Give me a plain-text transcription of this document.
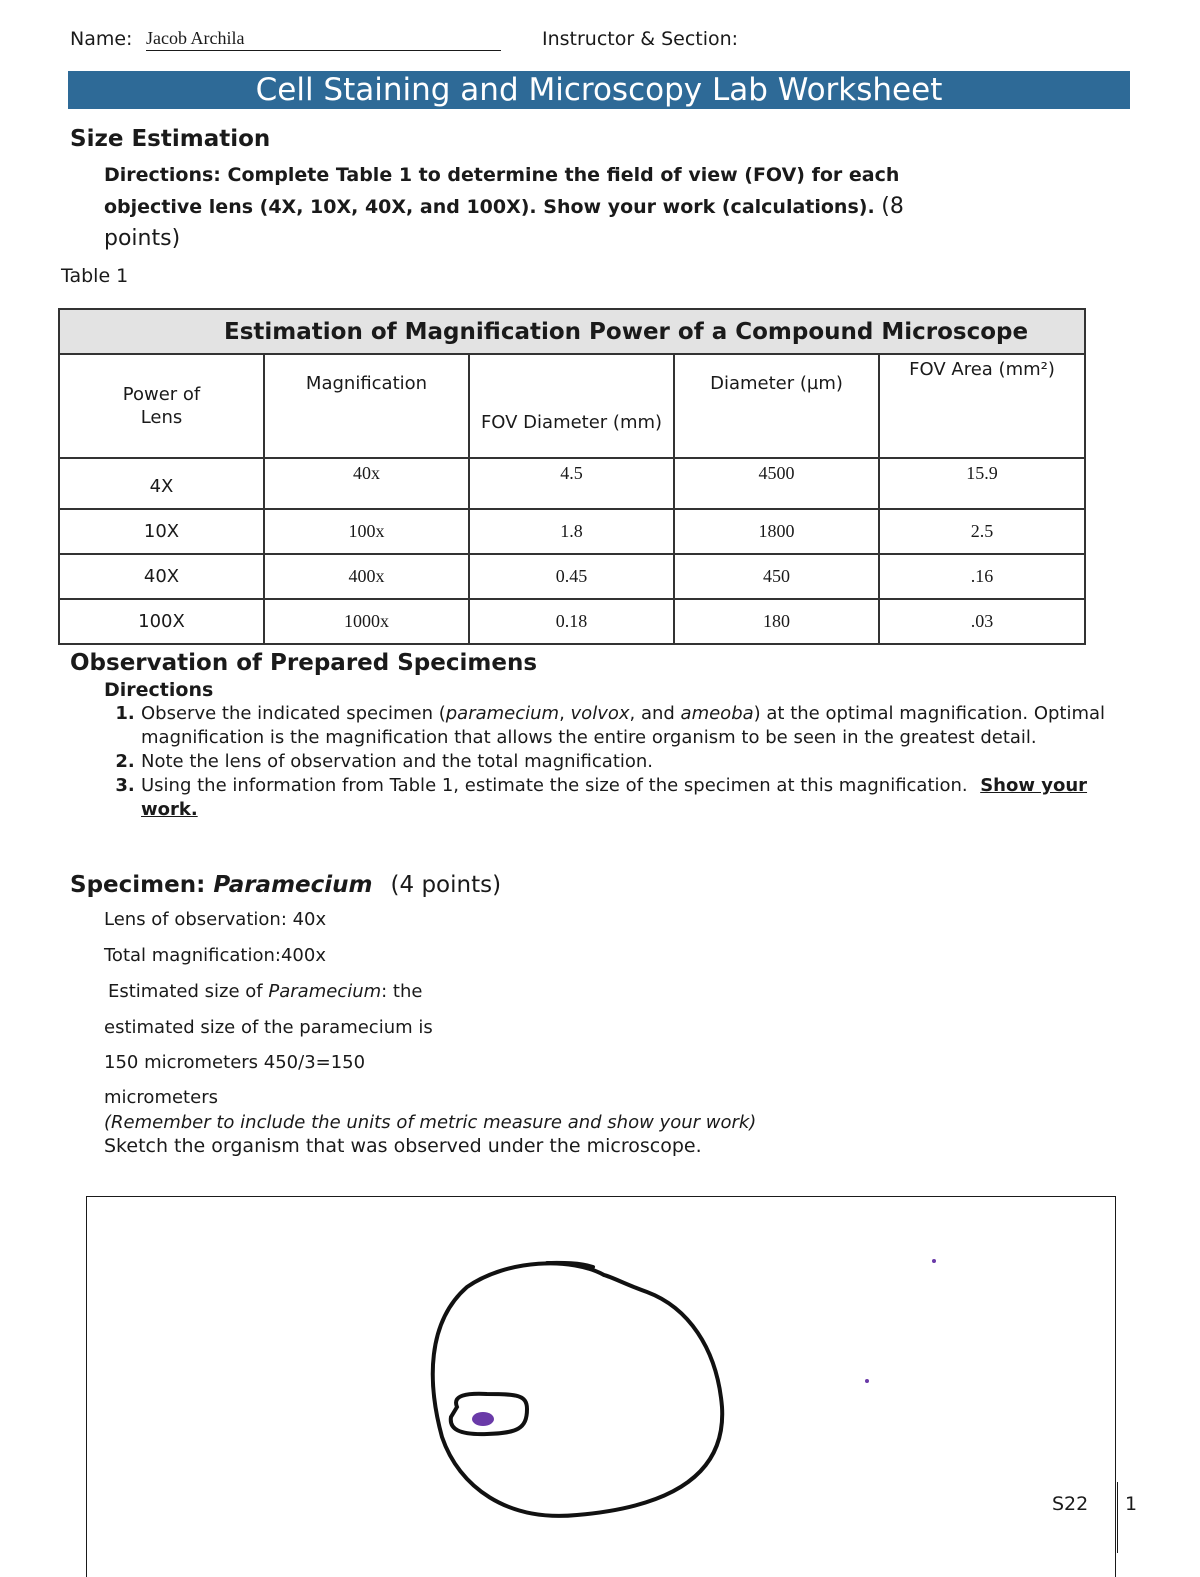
Name: Jacob Archila	Instructor & Section:
Cell Staining and Microscopy Lab Worksheet
Size Estimation
Directions: Complete Table 1 to determine the field of view (FOV) for each objective lens (4X, 10X, 40X, and 100X). Show your work (calculations). (8 points)
Table 1
Estimation of Magnification Power of a Compound Microscope				

Power of Lens	Magnification	FOV Diameter (mm)	Diameter (µm)	FOV Area (mm²)
4X	40x	4.5	4500	15.9
10X	100x	1.8	1800	2.5
40X	400x	0.45	450	.16
100X	1000x	0.18	180	.03
Observation of Prepared Specimens
Directions
1. Observe the indicated specimen (paramecium, volvox, and ameoba) at the optimal magnification. Optimal magnification is the magnification that allows the entire organism to be seen in the greatest detail.
2. Note the lens of observation and the total magnification.
3. Using the information from Table 1, estimate the size of the specimen at this magnification. Show your work.
Specimen: Paramecium (4 points)
Lens of observation: 40x
Total magnification:400x
Estimated size of Paramecium: the
estimated size of the paramecium is
150 micrometers 450/3=150
micrometers
(Remember to include the units of metric measure and show your work)
Sketch the organism that was observed under the microscope.
S22	1
